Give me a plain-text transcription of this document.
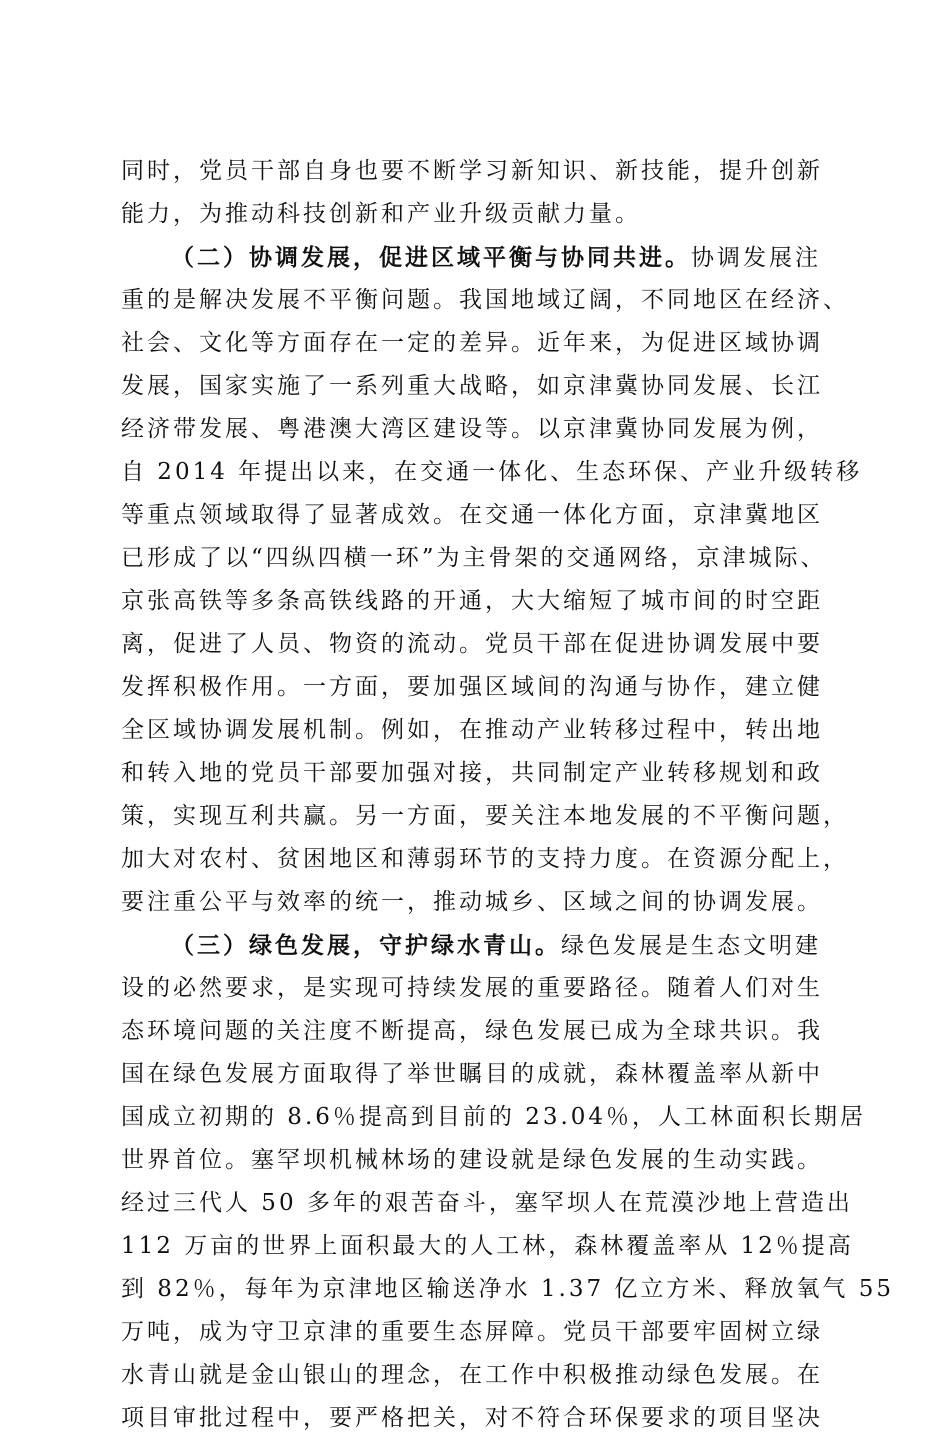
同时，党员干部自身也要不断学习新知识、新技能，提升创新
能力，为推动科技创新和产业升级贡献力量。
（二）协调发展，促进区域平衡与协同共进。协调发展注
重的是解决发展不平衡问题。我国地域辽阔，不同地区在经济、
社会、文化等方面存在一定的差异。近年来，为促进区域协调
发展，国家实施了一系列重大战略，如京津冀协同发展、长江
经济带发展、粤港澳大湾区建设等。以京津冀协同发展为例，
自 2014 年提出以来，在交通一体化、生态环保、产业升级转移
等重点领域取得了显著成效。在交通一体化方面，京津冀地区
已形成了以“四纵四横一环”为主骨架的交通网络，京津城际、
京张高铁等多条高铁线路的开通，大大缩短了城市间的时空距
离，促进了人员、物资的流动。党员干部在促进协调发展中要
发挥积极作用。一方面，要加强区域间的沟通与协作，建立健
全区域协调发展机制。例如，在推动产业转移过程中，转出地
和转入地的党员干部要加强对接，共同制定产业转移规划和政
策，实现互利共赢。另一方面，要关注本地发展的不平衡问题，
加大对农村、贫困地区和薄弱环节的支持力度。在资源分配上，
要注重公平与效率的统一，推动城乡、区域之间的协调发展。
（三）绿色发展，守护绿水青山。绿色发展是生态文明建
设的必然要求，是实现可持续发展的重要路径。随着人们对生
态环境问题的关注度不断提高，绿色发展已成为全球共识。我
国在绿色发展方面取得了举世瞩目的成就，森林覆盖率从新中
国成立初期的 8.6％提高到目前的 23.04％，人工林面积长期居
世界首位。塞罕坝机械林场的建设就是绿色发展的生动实践。
经过三代人 50 多年的艰苦奋斗，塞罕坝人在荒漠沙地上营造出
112 万亩的世界上面积最大的人工林，森林覆盖率从 12％提高
到 82％，每年为京津地区输送净水 1.37 亿立方米、释放氧气 55
万吨，成为守卫京津的重要生态屏障。党员干部要牢固树立绿
水青山就是金山银山的理念，在工作中积极推动绿色发展。在
项目审批过程中，要严格把关，对不符合环保要求的项目坚决
